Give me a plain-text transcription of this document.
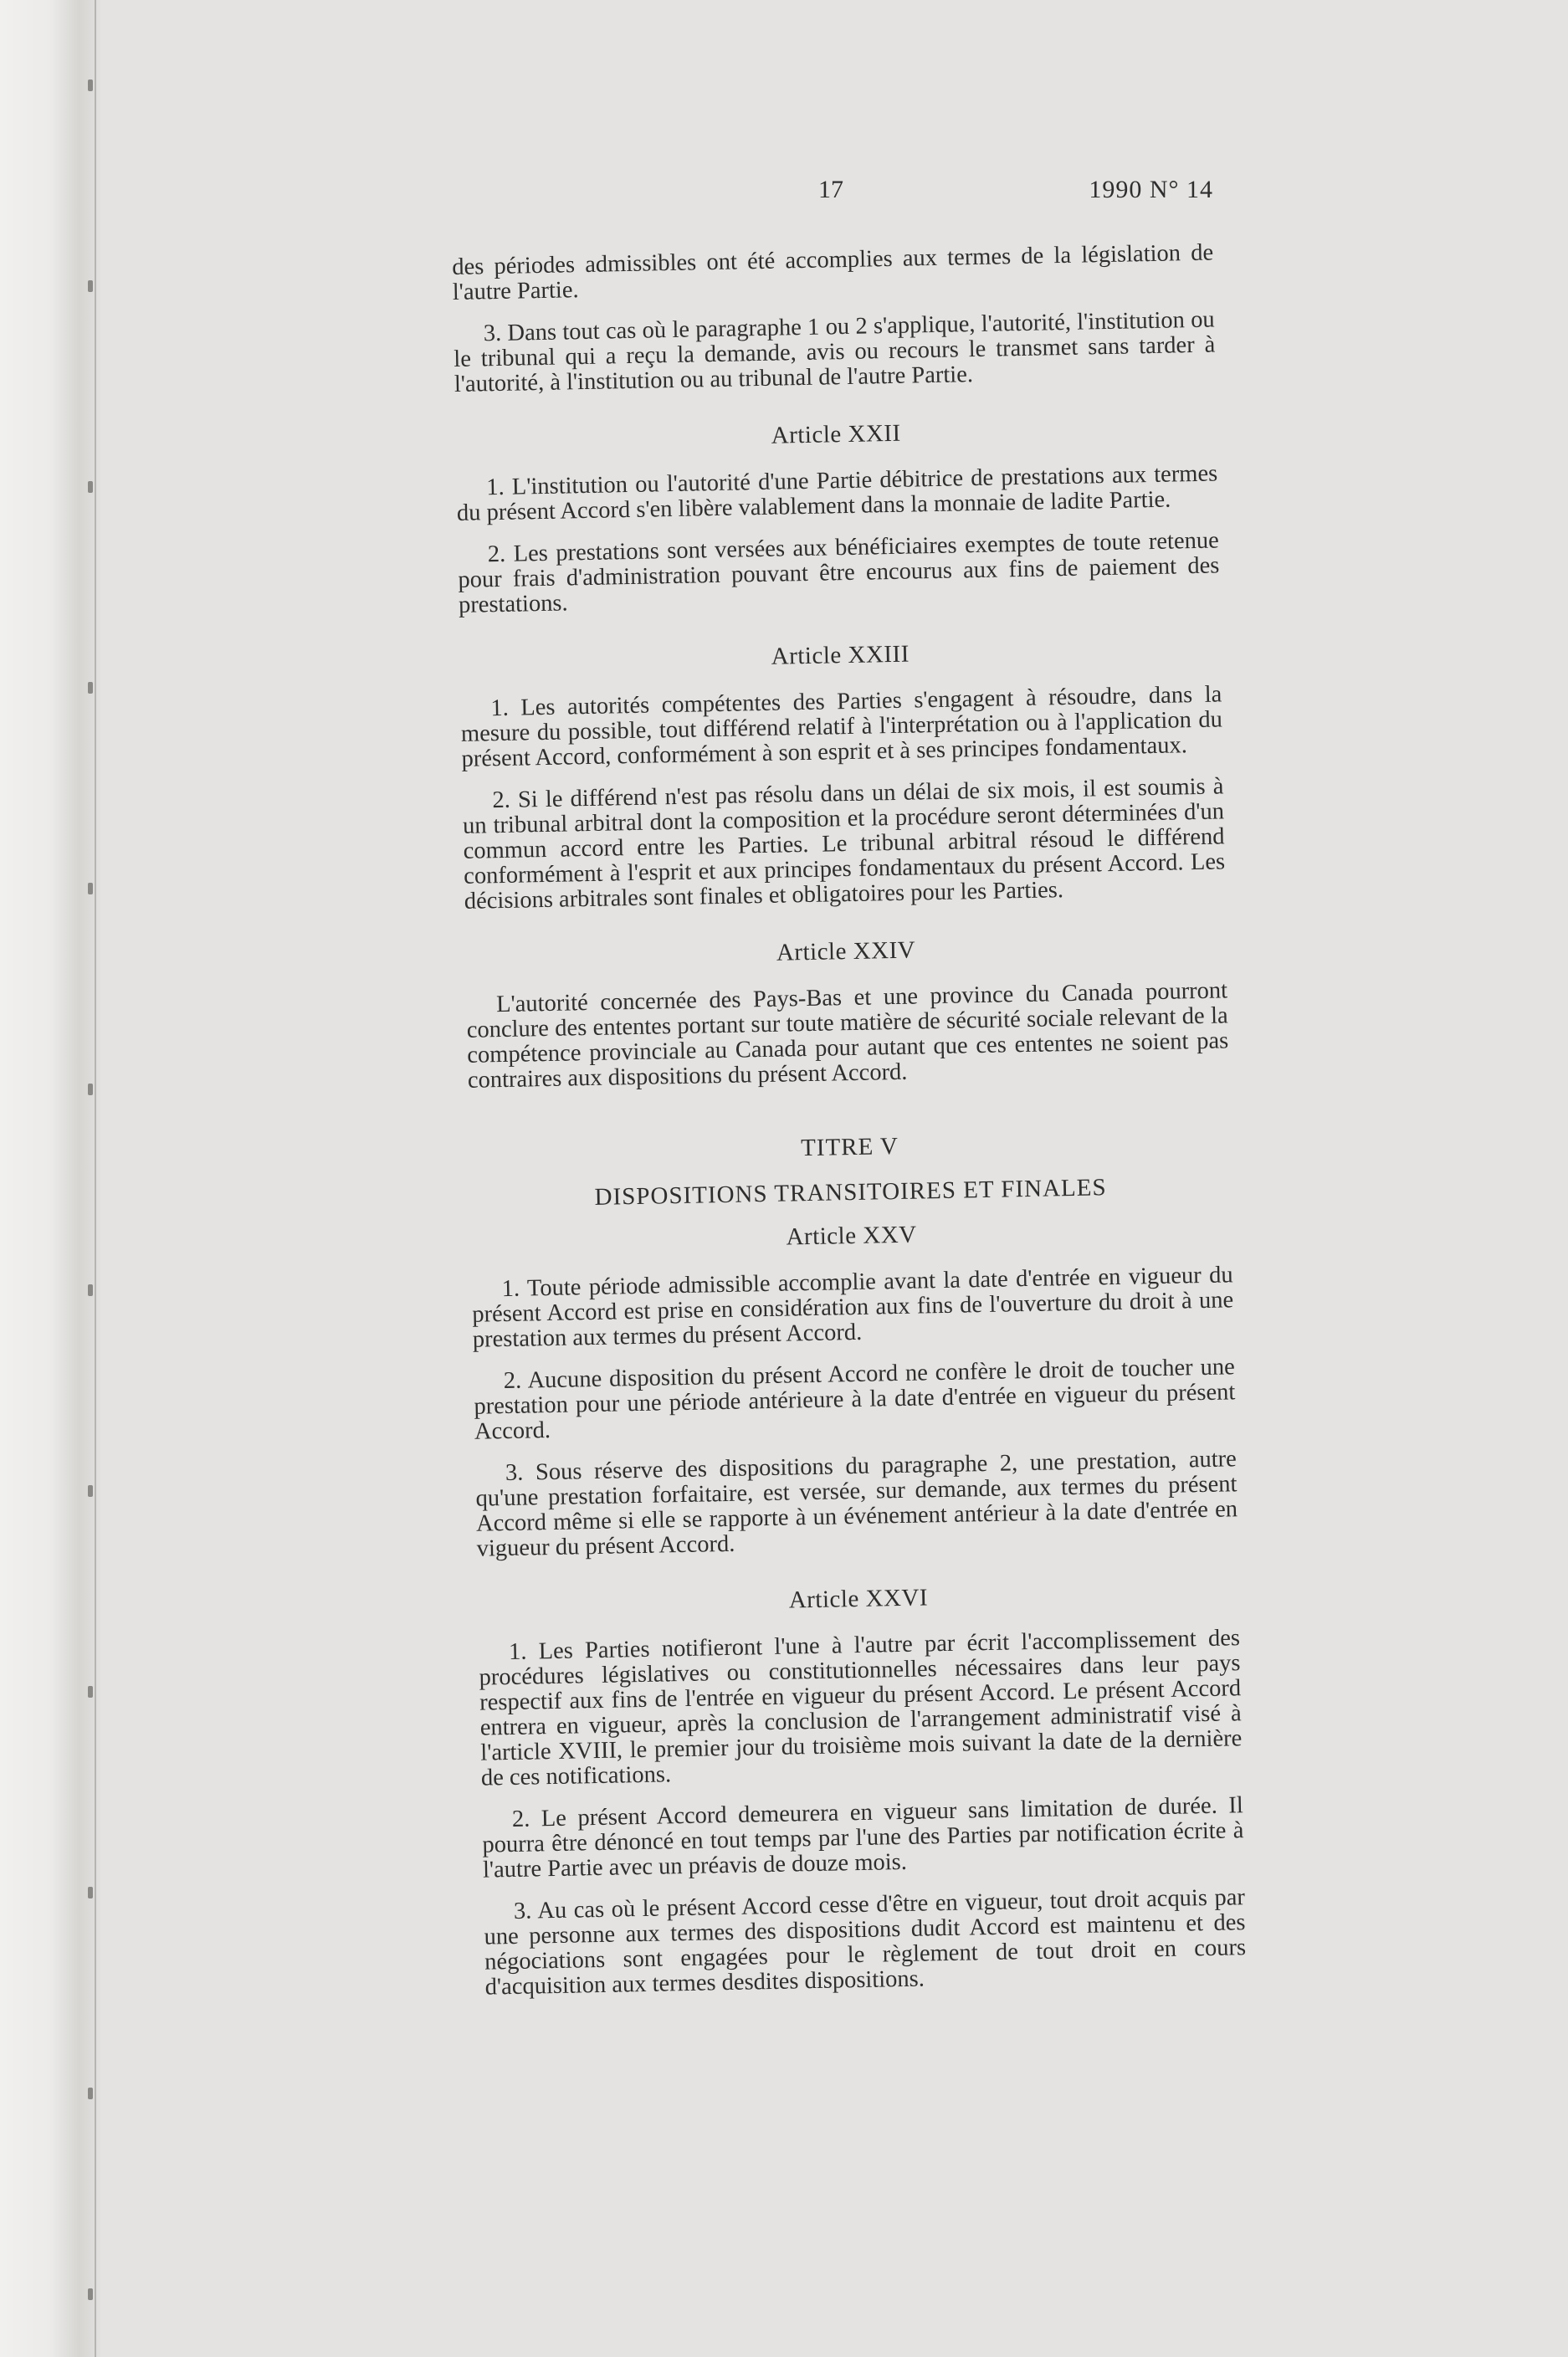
17	1990 N° 14

des périodes admissibles ont été accomplies aux termes de la législation de l'autre Partie.

3. Dans tout cas où le paragraphe 1 ou 2 s'applique, l'autorité, l'institution ou le tribunal qui a reçu la demande, avis ou recours le transmet sans tarder à l'autorité, à l'institution ou au tribunal de l'autre Partie.

Article XXII

1. L'institution ou l'autorité d'une Partie débitrice de prestations aux termes du présent Accord s'en libère valablement dans la monnaie de ladite Partie.

2. Les prestations sont versées aux bénéficiaires exemptes de toute retenue pour frais d'administration pouvant être encourus aux fins de paiement des prestations.

Article XXIII

1. Les autorités compétentes des Parties s'engagent à résoudre, dans la mesure du possible, tout différend relatif à l'interprétation ou à l'application du présent Accord, conformément à son esprit et à ses principes fondamentaux.

2. Si le différend n'est pas résolu dans un délai de six mois, il est soumis à un tribunal arbitral dont la composition et la procédure seront déterminées d'un commun accord entre les Parties. Le tribunal arbitral résoud le différend conformément à l'esprit et aux principes fondamentaux du présent Accord. Les décisions arbitrales sont finales et obligatoires pour les Parties.

Article XXIV

L'autorité concernée des Pays-Bas et une province du Canada pourront conclure des ententes portant sur toute matière de sécurité sociale relevant de la compétence provinciale au Canada pour autant que ces ententes ne soient pas contraires aux dispositions du présent Accord.

TITRE V
DISPOSITIONS TRANSITOIRES ET FINALES
Article XXV

1. Toute période admissible accomplie avant la date d'entrée en vigueur du présent Accord est prise en considération aux fins de l'ouverture du droit à une prestation aux termes du présent Accord.

2. Aucune disposition du présent Accord ne confère le droit de toucher une prestation pour une période antérieure à la date d'entrée en vigueur du présent Accord.

3. Sous réserve des dispositions du paragraphe 2, une prestation, autre qu'une prestation forfaitaire, est versée, sur demande, aux termes du présent Accord même si elle se rapporte à un événement antérieur à la date d'entrée en vigueur du présent Accord.

Article XXVI

1. Les Parties notifieront l'une à l'autre par écrit l'accomplissement des procédures législatives ou constitutionnelles nécessaires dans leur pays respectif aux fins de l'entrée en vigueur du présent Accord. Le présent Accord entrera en vigueur, après la conclusion de l'arrangement administratif visé à l'article XVIII, le premier jour du troisième mois suivant la date de la dernière de ces notifications.

2. Le présent Accord demeurera en vigueur sans limitation de durée. Il pourra être dénoncé en tout temps par l'une des Parties par notification écrite à l'autre Partie avec un préavis de douze mois.

3. Au cas où le présent Accord cesse d'être en vigueur, tout droit acquis par une personne aux termes des dispositions dudit Accord est maintenu et des négociations sont engagées pour le règlement de tout droit en cours d'acquisition aux termes desdites dispositions.
